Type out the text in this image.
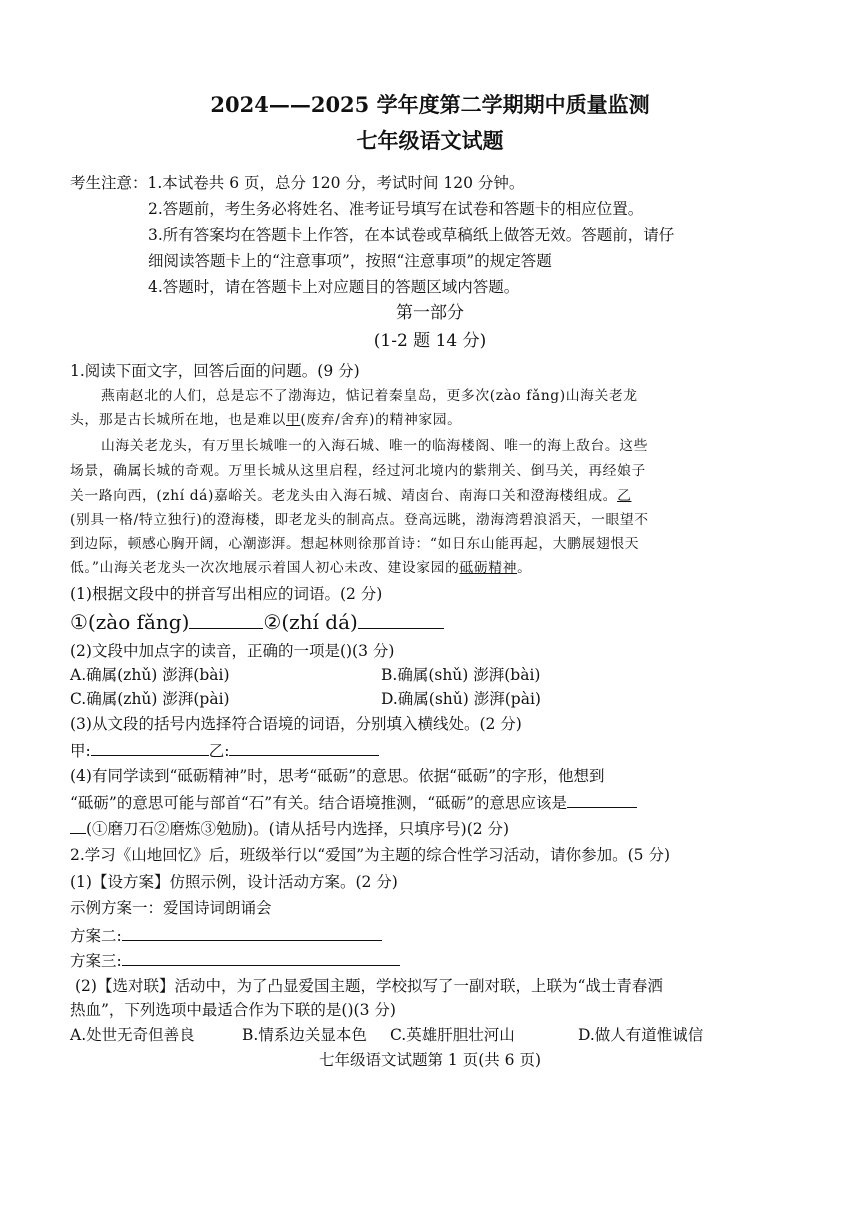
2024——2025 学年度第二学期期中质量监测
七年级语文试题
考生注意：1.本试卷共 6 页，总分 120 分，考试时间 120 分钟。
2.答题前，考生务必将姓名、准考证号填写在试卷和答题卡的相应位置。
3.所有答案均在答题卡上作答，在本试卷或草稿纸上做答无效。答题前，请仔
细阅读答题卡上的“注意事项”，按照“注意事项”的规定答题
4.答题时，请在答题卡上对应题目的答题区域内答题。
第一部分
(1-2 题 14 分)
1.阅读下面文字，回答后面的问题。(9 分)
燕南赵北的人们，总是忘不了渤海边，惦记着秦皇岛，更多次(zào fǎng)山海关老龙
头，那是古长城所在地，也是难以甲(废弃/舍弃)的精神家园。
山海关老龙头，有万里长城唯一的入海石城、唯一的临海楼阁、唯一的海上敌台。这些
场景，确属长城的奇观。万里长城从这里启程，经过河北境内的紫荆关、倒马关，再经娘子
关一路向西，(zhí dá)嘉峪关。老龙头由入海石城、靖卤台、南海口关和澄海楼组成。乙
(别具一格/特立独行)的澄海楼，即老龙头的制高点。登高远眺，渤海湾碧浪滔天，一眼望不
到边际，顿感心胸开阔，心潮澎湃。想起林则徐那首诗：“如日东山能再起，大鹏展翅恨天
低。”山海关老龙头一次次地展示着国人初心未改、建设家园的砥砺精神。
(1)根据文段中的拼音写出相应的词语。(2 分)
①(zào fǎng)	②(zhí dá)
(2)文段中加点字的读音，正确的一项是()(3 分)
A.确属(zhǔ) 澎湃(bài)	B.确属(shǔ) 澎湃(bài)
C.确属(zhǔ) 澎湃(pài)	D.确属(shǔ) 澎湃(pài)
(3)从文段的括号内选择符合语境的词语，分别填入横线处。(2 分)
甲:	乙:
(4)有同学读到“砥砺精神”时，思考“砥砺”的意思。依据“砥砺”的字形，他想到
“砥砺”的意思可能与部首“石”有关。结合语境推测，“砥砺”的意思应该是
(①磨刀石②磨炼③勉励)。(请从括号内选择，只填序号)(2 分)
2.学习《山地回忆》后，班级举行以“爱国”为主题的综合性学习活动，请你参加。(5 分)
(1)【设方案】仿照示例，设计活动方案。(2 分)
示例方案一：爱国诗词朗诵会
方案二:
方案三:
(2)【选对联】活动中，为了凸显爱国主题，学校拟写了一副对联，上联为“战士青春洒
热血”，下列选项中最适合作为下联的是()(3 分)
A.处世无奇但善良	B.情系边关显本色 C.英雄肝胆壮河山	D.做人有道惟诚信
七年级语文试题第 1 页(共 6 页)
